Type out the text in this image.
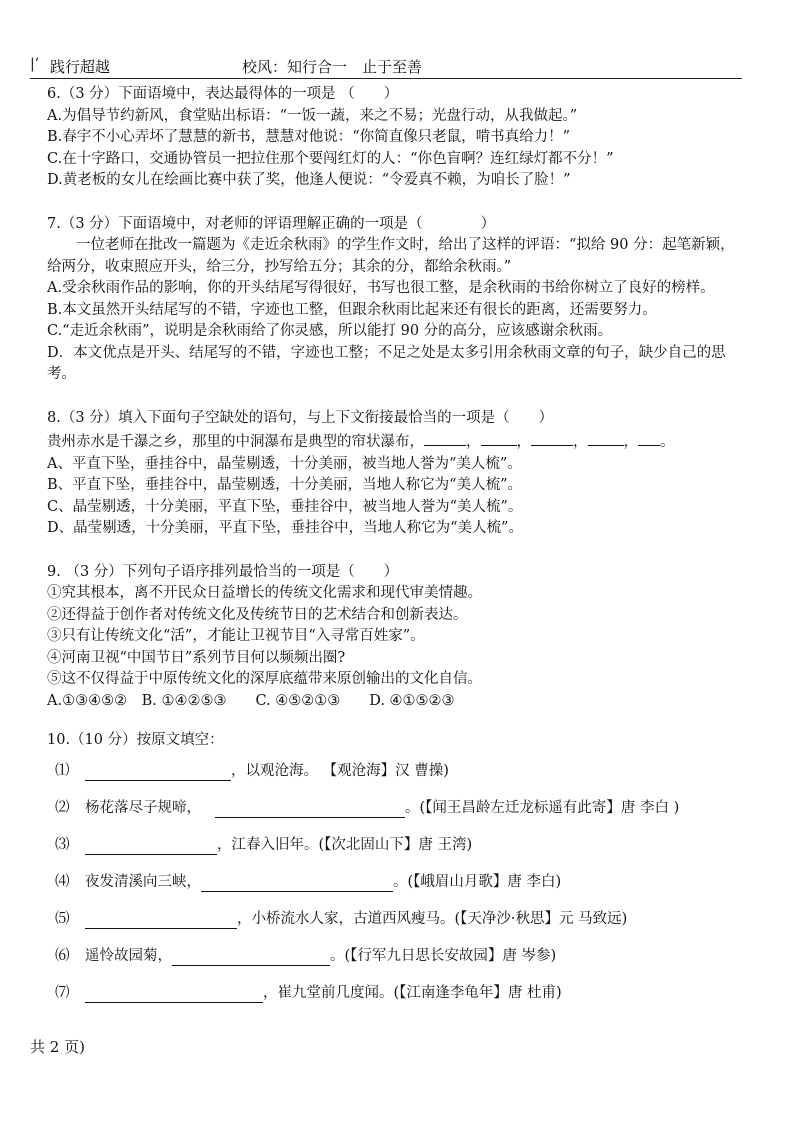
|’ 践行超越	校风：知行合一　止于至善
6.（3 分）下面语境中，表达最得体的一项是 （　　）
A.为倡导节约新风，食堂贴出标语：“一饭一蔬，来之不易；光盘行动，从我做起。”
B.春宇不小心弄坏了慧慧的新书，慧慧对他说：“你简直像只老鼠，啃书真给力！”
C.在十字路口，交通协管员一把拉住那个要闯红灯的人：“你色盲啊？连红绿灯都不分！”
D.黄老板的女儿在绘画比赛中获了奖，他逢人便说：“令爱真不赖，为咱长了脸！”
7.（3 分）下面语境中，对老师的评语理解正确的一项是（　　　　）
一位老师在批改一篇题为《走近余秋雨》的学生作文时，给出了这样的评语：“拟给 90 分：起笔新颖，给两分，收束照应开头，给三分，抄写给五分；其余的分，都给余秋雨。”
A.受余秋雨作品的影响，你的开头结尾写得很好，书写也很工整，是余秋雨的书给你树立了良好的榜样。
B.本文虽然开头结尾写的不错，字迹也工整，但跟余秋雨比起来还有很长的距离，还需要努力。
C.“走近余秋雨”，说明是余秋雨给了你灵感，所以能打 90 分的高分，应该感谢余秋雨。
D．本文优点是开头、结尾写的不错，字迹也工整；不足之处是太多引用余秋雨文章的句子，缺少自己的思考。
8.（3 分）填入下面句子空缺处的语句，与上下文衔接最恰当的一项是（　　）
贵州赤水是千瀑之乡，那里的中洞瀑布是典型的帘状瀑布，	， ，	， ， 。
A、平直下坠，垂挂谷中，晶莹剔透，十分美丽，被当地人誉为“美人梳”。
B、平直下坠，垂挂谷中，晶莹剔透，十分美丽，当地人称它为“美人梳”。
C、晶莹剔透，十分美丽，平直下坠，垂挂谷中，被当地人誉为“美人梳”。
D、晶莹剔透，十分美丽，平直下坠，垂挂谷中，当地人称它为“美人梳”。
9. （3 分）下列句子语序排列最恰当的一项是（　　）
①究其根本，离不开民众日益增长的传统文化需求和现代审美情趣。
②还得益于创作者对传统文化及传统节日的艺术结合和创新表达。
③只有让传统文化“活”，才能让卫视节目“入寻常百姓家”。
④河南卫视“中国节日”系列节目何以频频出圈?
⑤这不仅得益于中原传统文化的深厚底蕴带来原创输出的文化自信。
A.①③④⑤②　B. ①④②⑤③　　C. ④⑤②①③　　D. ④①⑤②③
10.（10 分）按原文填空：
⑴	，以观沧海。 【观沧海】汉 曹操)
⑵	杨花落尽子规啼，	。(【闻王昌龄左迁龙标遥有此寄】唐 李白 )
⑶	，江春入旧年。(【次北固山下】唐 王湾)
⑷	夜发清溪向三峡，	。(【峨眉山月歌】唐 李白)
⑸	，小桥流水人家，古道西风瘦马。(【天净沙·秋思】元 马致远)
⑹	遥怜故园菊，	。(【行军九日思长安故园】唐 岑参)
⑺	，崔九堂前几度闻。(【江南逢李龟年】唐 杜甫)
共 2 页)
